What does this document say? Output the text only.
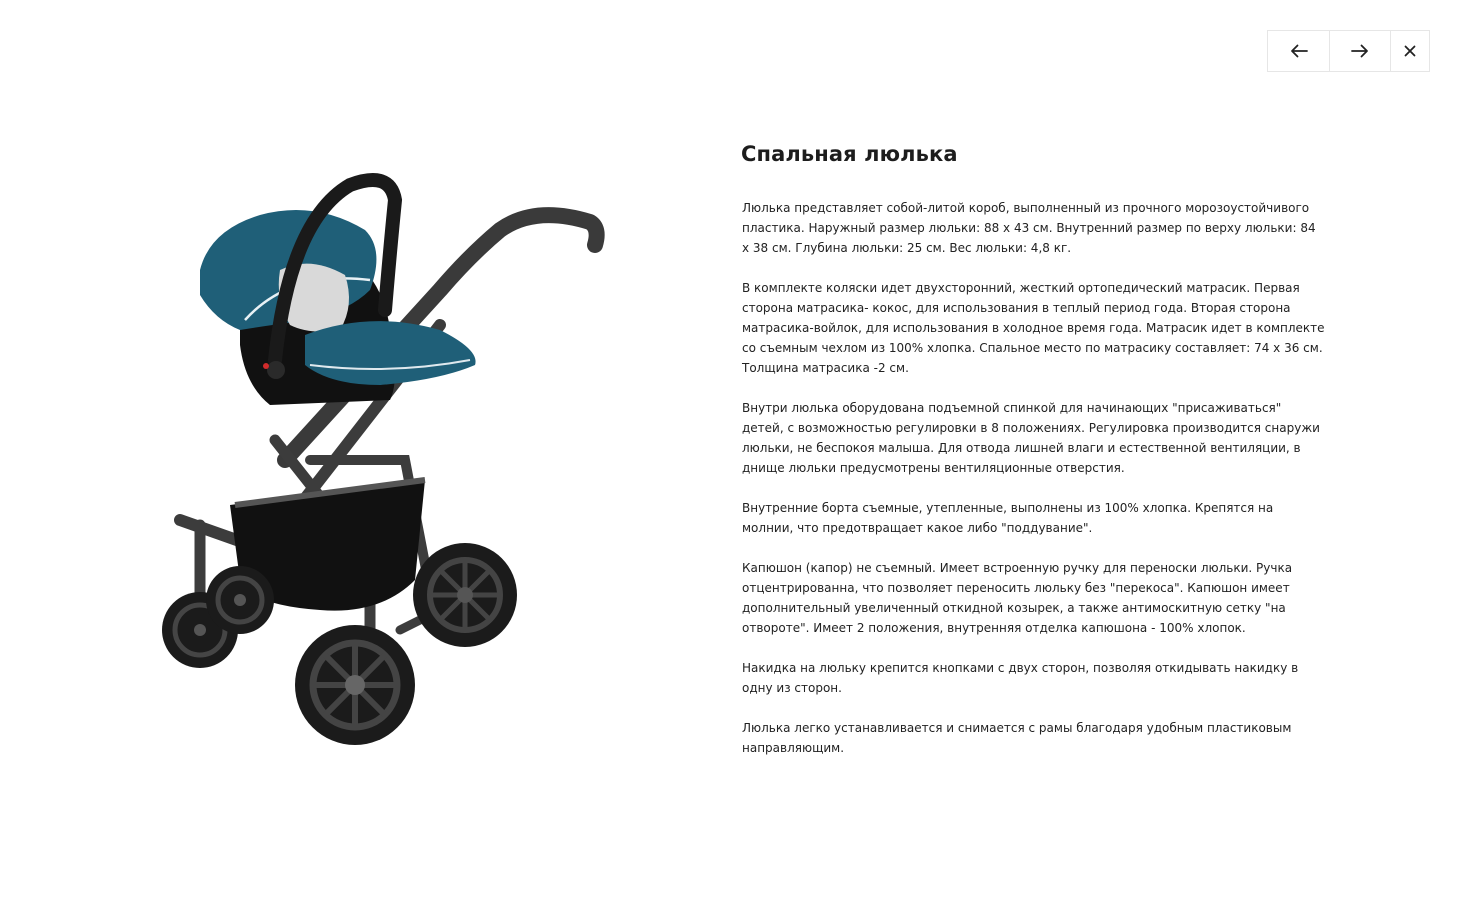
Спальная люлька

Люлька представляет собой-литой короб, выполненный из прочного морозоустойчивого пластика. Наружный размер люльки: 88 х 43 см. Внутренний размер по верху люльки: 84 х 38 см. Глубина люльки: 25 см. Вес люльки: 4,8 кг.

В комплекте коляски идет двухсторонний, жесткий ортопедический матрасик. Первая сторона матрасика- кокос, для использования в теплый период года. Вторая сторона матрасика-войлок, для использования в холодное время года. Матрасик идет в комплекте со съемным чехлом из 100% хлопка. Спальное место по матрасику составляет: 74 х 36 см. Толщина матрасика -2 см.

Внутри люлька оборудована подъемной спинкой для начинающих "присаживаться" детей, с возможностью регулировки в 8 положениях. Регулировка производится снаружи люльки, не беспокоя малыша. Для отвода лишней влаги и естественной вентиляции, в днище люльки предусмотрены вентиляционные отверстия.

Внутренние борта съемные, утепленные, выполнены из 100% хлопка. Крепятся на молнии, что предотвращает какое либо "поддувание".

Капюшон (капор) не съемный. Имеет встроенную ручку для переноски люльки. Ручка отцентрированна, что позволяет переносить люльку без "перекоса". Капюшон имеет дополнительный увеличенный откидной козырек, а также антимоскитную сетку "на отвороте". Имеет 2 положения, внутренняя отделка капюшона - 100% хлопок.

Накидка на люльку крепится кнопками с двух сторон, позволяя откидывать накидку в одну из сторон.

Люлька легко устанавливается и снимается с рамы благодаря удобным пластиковым направляющим.
